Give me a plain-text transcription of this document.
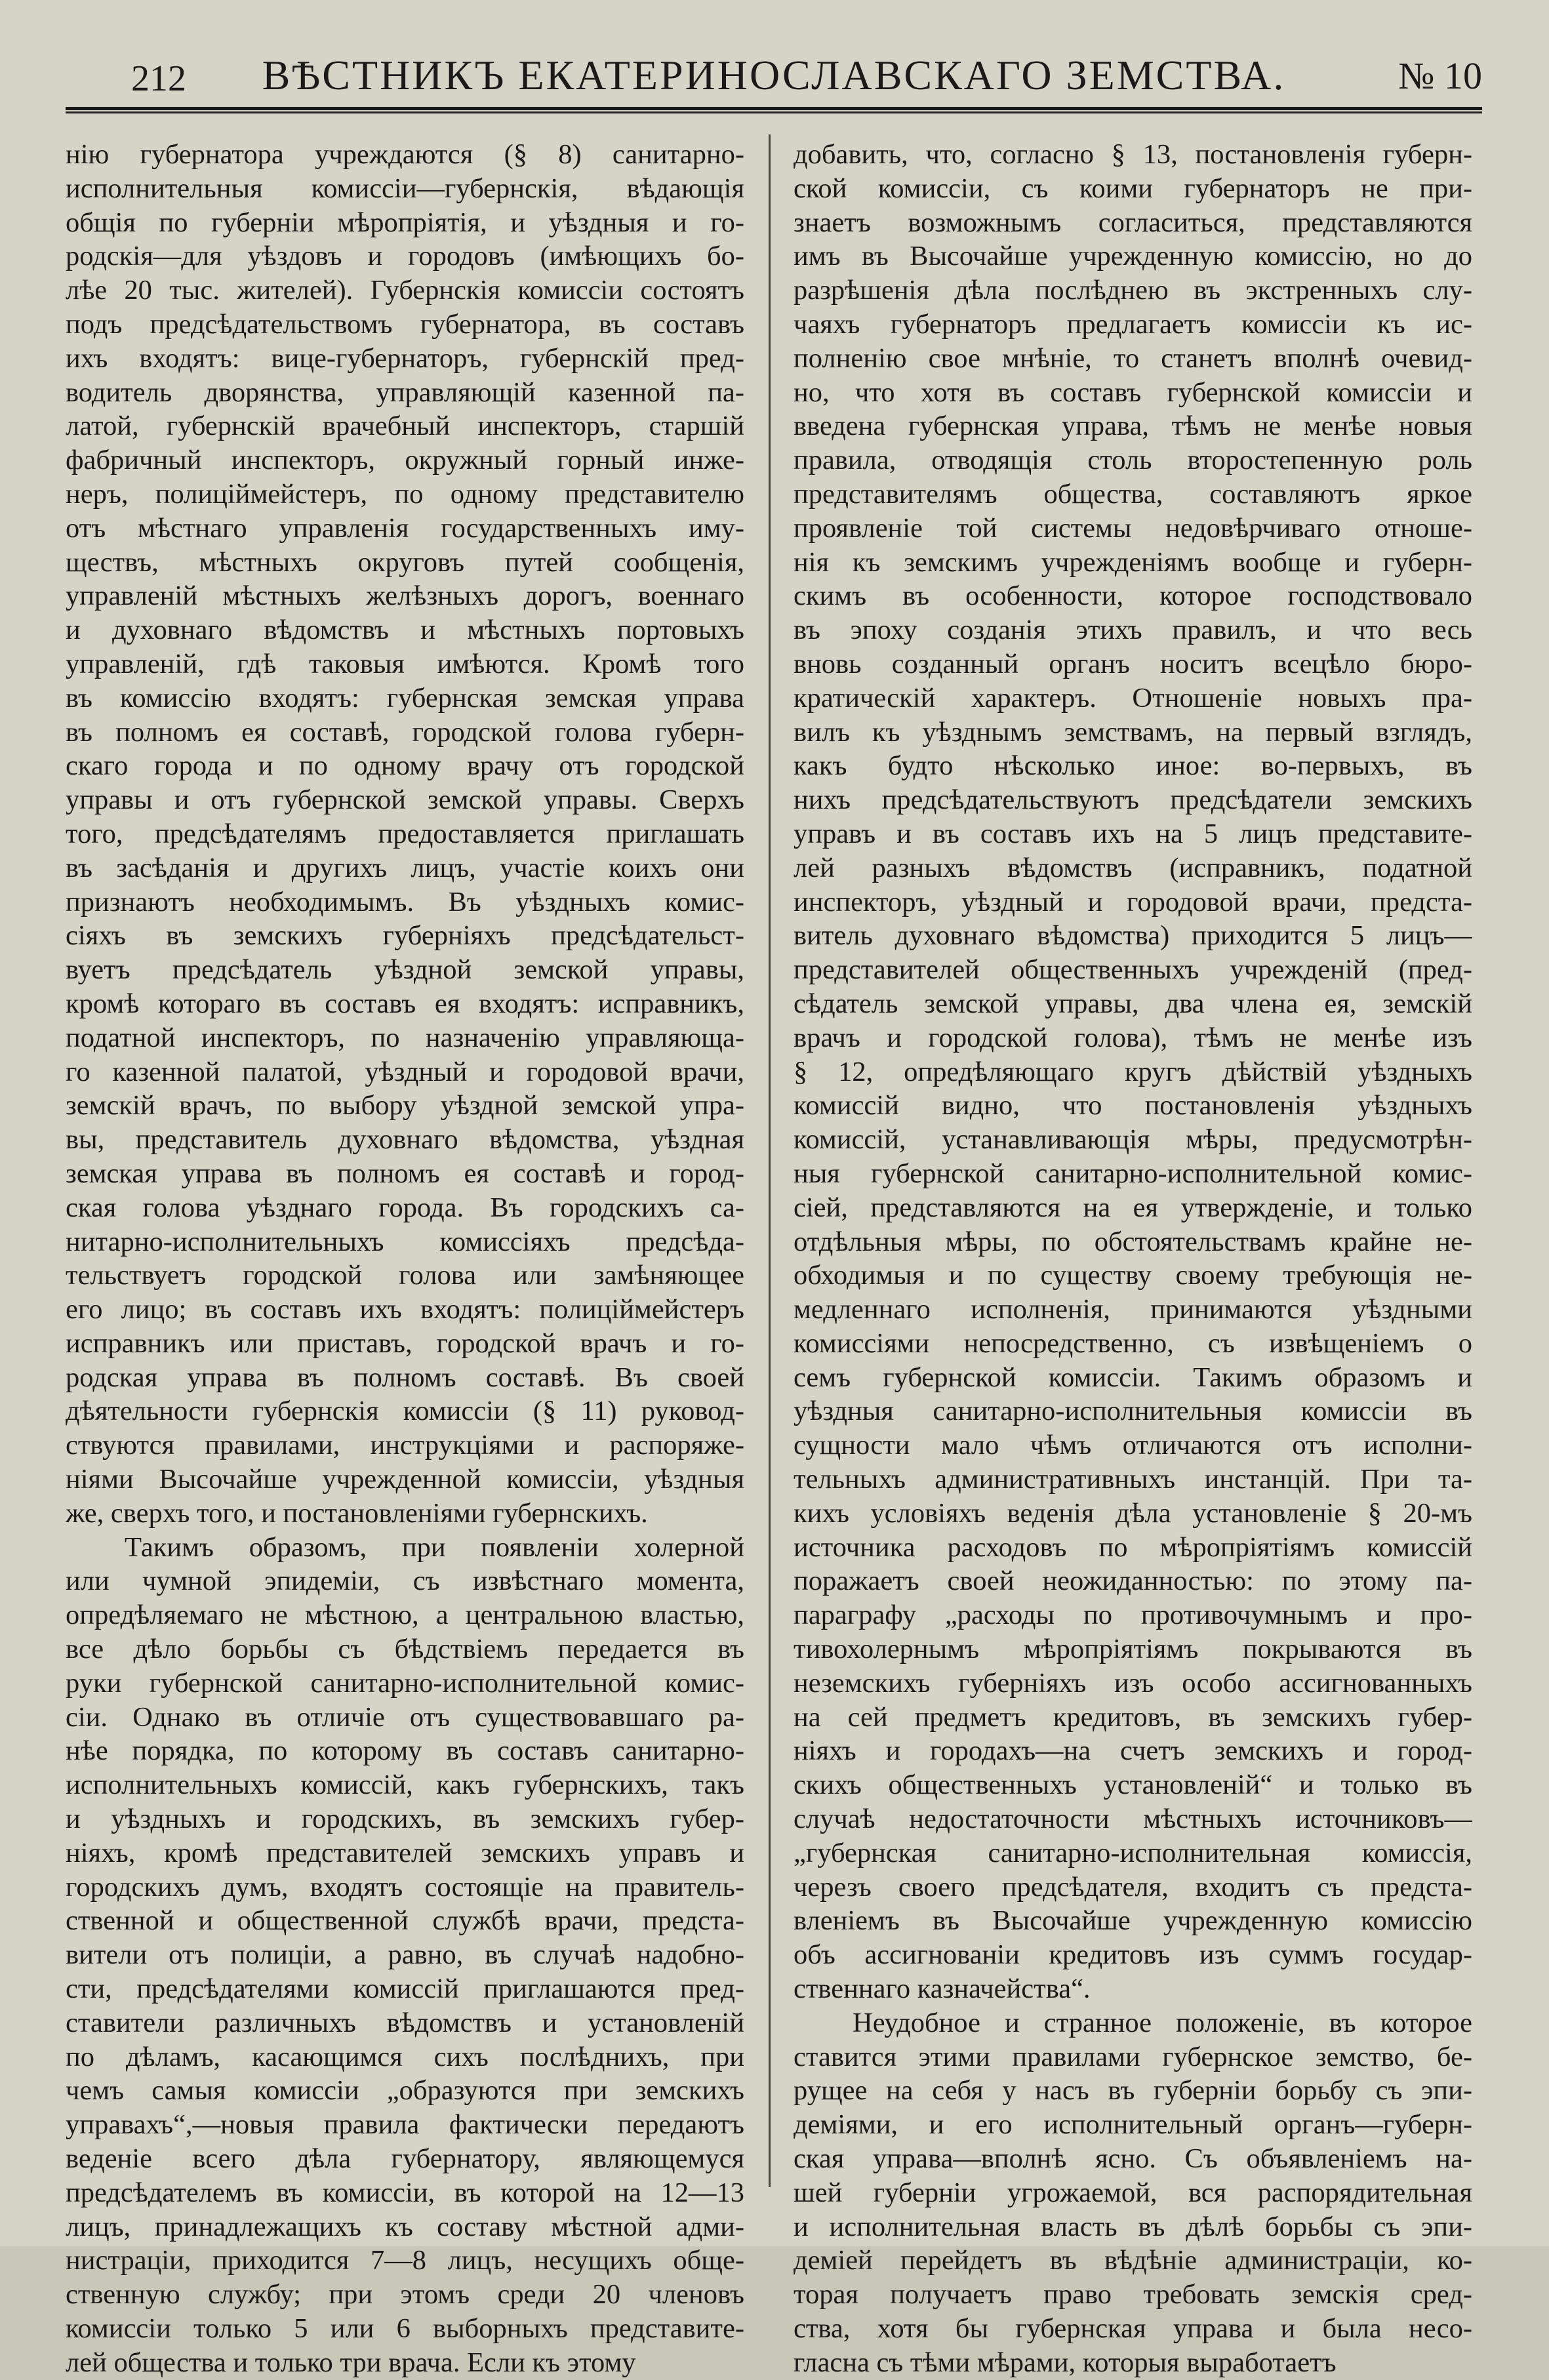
212	ВѢСТНИКЪ ЕКАТЕРИНОСЛАВСКАГО ЗЕМСТВА.	№ 10
нію губернатора учреждаются (§ 8) санитарно-
исполнительныя комиссіи—губернскія, вѣдающія
общія по губерніи мѣропріятія, и уѣздныя и го-
родскія—для уѣздовъ и городовъ (имѣющихъ бо-
лѣе 20 тыс. жителей). Губернскія комиссіи состоятъ
подъ предсѣдательствомъ губернатора, въ составъ
ихъ входятъ: вице-губернаторъ, губернскій пред-
водитель дворянства, управляющій казенной па-
латой, губернскій врачебный инспекторъ, старшій
фабричный инспекторъ, окружный горный инже-
неръ, полиціймейстеръ, по одному представителю
отъ мѣстнаго управленія государственныхъ иму-
ществъ, мѣстныхъ округовъ путей сообщенія,
управленій мѣстныхъ желѣзныхъ дорогъ, военнаго
и духовнаго вѣдомствъ и мѣстныхъ портовыхъ
управленій, гдѣ таковыя имѣются. Кромѣ того
въ комиссію входятъ: губернская земская управа
въ полномъ ея составѣ, городской голова губерн-
скаго города и по одному врачу отъ городской
управы и отъ губернской земской управы. Сверхъ
того, предсѣдателямъ предоставляется приглашать
въ засѣданія и другихъ лицъ, участіе коихъ они
признаютъ необходимымъ. Въ уѣздныхъ комис-
сіяхъ въ земскихъ губерніяхъ предсѣдательст-
вуетъ предсѣдатель уѣздной земской управы,
кромѣ котораго въ составъ ея входятъ: исправникъ,
податной инспекторъ, по назначенію управляюща-
го казенной палатой, уѣздный и городовой врачи,
земскій врачъ, по выбору уѣздной земской упра-
вы, представитель духовнаго вѣдомства, уѣздная
земская управа въ полномъ ея составѣ и город-
ская голова уѣзднаго города. Въ городскихъ са-
нитарно-исполнительныхъ комиссіяхъ предсѣда-
тельствуетъ городской голова или замѣняющее
его лицо; въ составъ ихъ входятъ: полиціймейстеръ
исправникъ или приставъ, городской врачъ и го-
родская управа въ полномъ составѣ. Въ своей
дѣятельности губернскія комиссіи (§ 11) руковод-
ствуются правилами, инструкціями и распоряже-
ніями Высочайше учрежденной комиссіи, уѣздныя
же, сверхъ того, и постановленіями губернскихъ.
Такимъ образомъ, при появленіи холерной
или чумной эпидеміи, съ извѣстнаго момента,
опредѣляемаго не мѣстною, а центральною властью,
все дѣло борьбы съ бѣдствіемъ передается въ
руки губернской санитарно-исполнительной комис-
сіи. Однако въ отличіе отъ существовавшаго ра-
нѣе порядка, по которому въ составъ санитарно-
исполнительныхъ комиссій, какъ губернскихъ, такъ
и уѣздныхъ и городскихъ, въ земскихъ губер-
ніяхъ, кромѣ представителей земскихъ управъ и
городскихъ думъ, входятъ состоящіе на правитель-
ственной и общественной службѣ врачи, предста-
вители отъ полиціи, а равно, въ случаѣ надобно-
сти, предсѣдателями комиссій приглашаются пред-
ставители различныхъ вѣдомствъ и установленій
по дѣламъ, касающимся сихъ послѣднихъ, при
чемъ самыя комиссіи „образуются при земскихъ
управахъ“,—новыя правила фактически передаютъ
веденіе всего дѣла губернатору, являющемуся
предсѣдателемъ въ комиссіи, въ которой на 12—13
лицъ, принадлежащихъ къ составу мѣстной адми-
нистраціи, приходится 7—8 лицъ, несущихъ обще-
ственную службу; при этомъ среди 20 членовъ
комиссіи только 5 или 6 выборныхъ представите-
лей общества и только три врача. Если къ этому
добавить, что, согласно § 13, постановленія губерн-
ской комиссіи, съ коими губернаторъ не при-
знаетъ возможнымъ согласиться, представляются
имъ въ Высочайше учрежденную комиссію, но до
разрѣшенія дѣла послѣднею въ экстренныхъ слу-
чаяхъ губернаторъ предлагаетъ комиссіи къ ис-
полненію свое мнѣніе, то станетъ вполнѣ очевид-
но, что хотя въ составъ губернской комиссіи и
введена губернская управа, тѣмъ не менѣе новыя
правила, отводящія столь второстепенную роль
представителямъ общества, составляютъ яркое
проявленіе той системы недовѣрчиваго отноше-
нія къ земскимъ учрежденіямъ вообще и губерн-
скимъ въ особенности, которое господствовало
въ эпоху созданія этихъ правилъ, и что весь
вновь созданный органъ носитъ всецѣло бюро-
кратическій характеръ. Отношеніе новыхъ пра-
вилъ къ уѣзднымъ земствамъ, на первый взглядъ,
какъ будто нѣсколько иное: во-первыхъ, въ
нихъ предсѣдательствуютъ предсѣдатели земскихъ
управъ и въ составъ ихъ на 5 лицъ представите-
лей разныхъ вѣдомствъ (исправникъ, податной
инспекторъ, уѣздный и городовой врачи, предста-
витель духовнаго вѣдомства) приходится 5 лицъ—
представителей общественныхъ учрежденій (пред-
сѣдатель земской управы, два члена ея, земскій
врачъ и городской голова), тѣмъ не менѣе изъ
§ 12, опредѣляющаго кругъ дѣйствій уѣздныхъ
комиссій видно, что постановленія уѣздныхъ
комиссій, устанавливающія мѣры, предусмотрѣн-
ныя губернской санитарно-исполнительной комис-
сіей, представляются на ея утвержденіе, и только
отдѣльныя мѣры, по обстоятельствамъ крайне не-
обходимыя и по существу своему требующія не-
медленнаго исполненія, принимаются уѣздными
комиссіями непосредственно, съ извѣщеніемъ о
семъ губернской комиссіи. Такимъ образомъ и
уѣздныя санитарно-исполнительныя комиссіи въ
сущности мало чѣмъ отличаются отъ исполни-
тельныхъ административныхъ инстанцій. При та-
кихъ условіяхъ веденія дѣла установленіе § 20-мъ
источника расходовъ по мѣропріятіямъ комиссій
поражаетъ своей неожиданностью: по этому па-
параграфу „расходы по противочумнымъ и про-
тивохолернымъ мѣропріятіямъ покрываются въ
неземскихъ губерніяхъ изъ особо ассигнованныхъ
на сей предметъ кредитовъ, въ земскихъ губер-
ніяхъ и городахъ—на счетъ земскихъ и город-
скихъ общественныхъ установленій“ и только въ
случаѣ недостаточности мѣстныхъ источниковъ—
„губернская санитарно-исполнительная комиссія,
черезъ своего предсѣдателя, входитъ съ предста-
вленіемъ въ Высочайше учрежденную комиссію
объ ассигнованіи кредитовъ изъ суммъ государ-
ственнаго казначейства“.
Неудобное и странное положеніе, въ которое
ставится этими правилами губернское земство, бе-
рущее на себя у насъ въ губерніи борьбу съ эпи-
деміями, и его исполнительный органъ—губерн-
ская управа—вполнѣ ясно. Съ объявленіемъ на-
шей губерніи угрожаемой, вся распорядительная
и исполнительная власть въ дѣлѣ борьбы съ эпи-
деміей перейдетъ въ вѣдѣніе администраціи, ко-
торая получаетъ право требовать земскія сред-
ства, хотя бы губернская управа и была несо-
гласна съ тѣми мѣрами, которыя выработаетъ
